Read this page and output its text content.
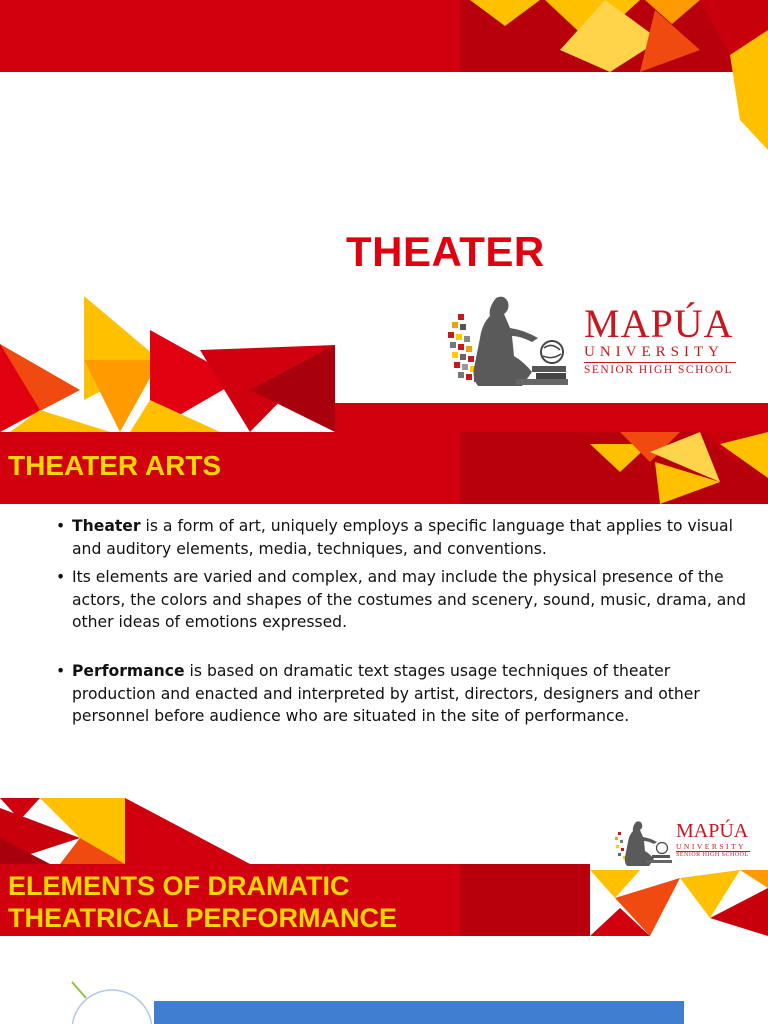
THEATER
MAPÚA
UNIVERSITY
SENIOR HIGH SCHOOL
THEATER ARTS
• Theater is a form of art, uniquely employs a specific language that applies to visual and auditory elements, media, techniques, and conventions.
• Its elements are varied and complex, and may include the physical presence of the actors, the colors and shapes of the costumes and scenery, sound, music, drama, and other ideas of emotions expressed.
• Performance is based on dramatic text stages usage techniques of theater production and enacted and interpreted by artist, directors, designers and other personnel before audience who are situated in the site of performance.
MAPÚA
UNIVERSITY
SENIOR HIGH SCHOOL
ELEMENTS OF DRAMATIC
THEATRICAL PERFORMANCE
